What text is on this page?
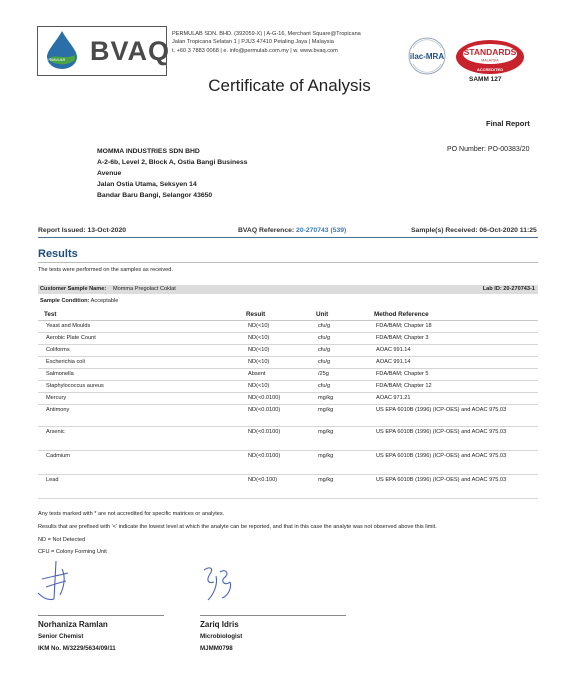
PERMULAB BVAQ
PERMULAB SDN. BHD. (392059-X) | A-G-16, Merchant Square@Tropicana
Jalan Tropicana Selatan 1 | PJU3 47410 Petaling Jaya | Malaysia
t. +60 3 7883 0068 | e. info@permulab.com.my | w. www.bvaq.com
ilac-MRA STANDARDS
MALAYSIA
ACCREDITED
SAMM 127
Certificate of Analysis
Final Report
MOMMA INDUSTRIES SDN BHD
A-2-6b, Level 2, Block A, Ostia Bangi Business
Avenue
Jalan Ostia Utama, Seksyen 14
Bandar Baru Bangi, Selangor 43650
PO Number: PO-00383/20
Report Issued: 13-Oct-2020	BVAQ Reference: 20-270743 (539)	Sample(s) Received: 06-Oct-2020 11:25
Results
The tests were performed on the samples as received.
Customer Sample Name: Momma Pregolact Coklat	Lab ID: 20-270743-1
Sample Condition: Acceptable
Test	Result	Unit	Method Reference
Yeast and Moulds	ND(<10)	cfu/g	FDA/BAM; Chapter 18
Aerobic Plate Count	ND(<10)	cfu/g	FDA/BAM; Chapter 3
Coliforms	ND(<10)	cfu/g	AOAC 991.14
Escherichia coli	ND(<10)	cfu/g	AOAC 991.14
Salmonella	Absent	/25g	FDA/BAM; Chapter 5
Staphylococcus aureus	ND(<10)	cfu/g	FDA/BAM; Chapter 12
Mercury	ND(<0.0100)	mg/kg	AOAC 971.21
Antimony	ND(<0.0100)	mg/kg	US EPA 6010B (1996) (ICP-OES) and AOAC 975.03
Arsenic	ND(<0.0100)	mg/kg	US EPA 6010B (1996) (ICP-OES) and AOAC 975.03
Cadmium	ND(<0.0100)	mg/kg	US EPA 6010B (1996) (ICP-OES) and AOAC 975.03
Lead	ND(<0.100)	mg/kg	US EPA 6010B (1996) (ICP-OES) and AOAC 975.03
Any tests marked with * are not accredited for specific matrices or analytes.
Results that are prefixed with '<' indicate the lowest level at which the analyte can be reported, and that in this case the analyte was not observed above this limit.
ND = Not Detected
CFU = Colony Forming Unit
Norhaniza Ramlan
Senior Chemist
IKM No. M/3229/5634/09/11
Zariq Idris
Microbiologist
MJMM0798
